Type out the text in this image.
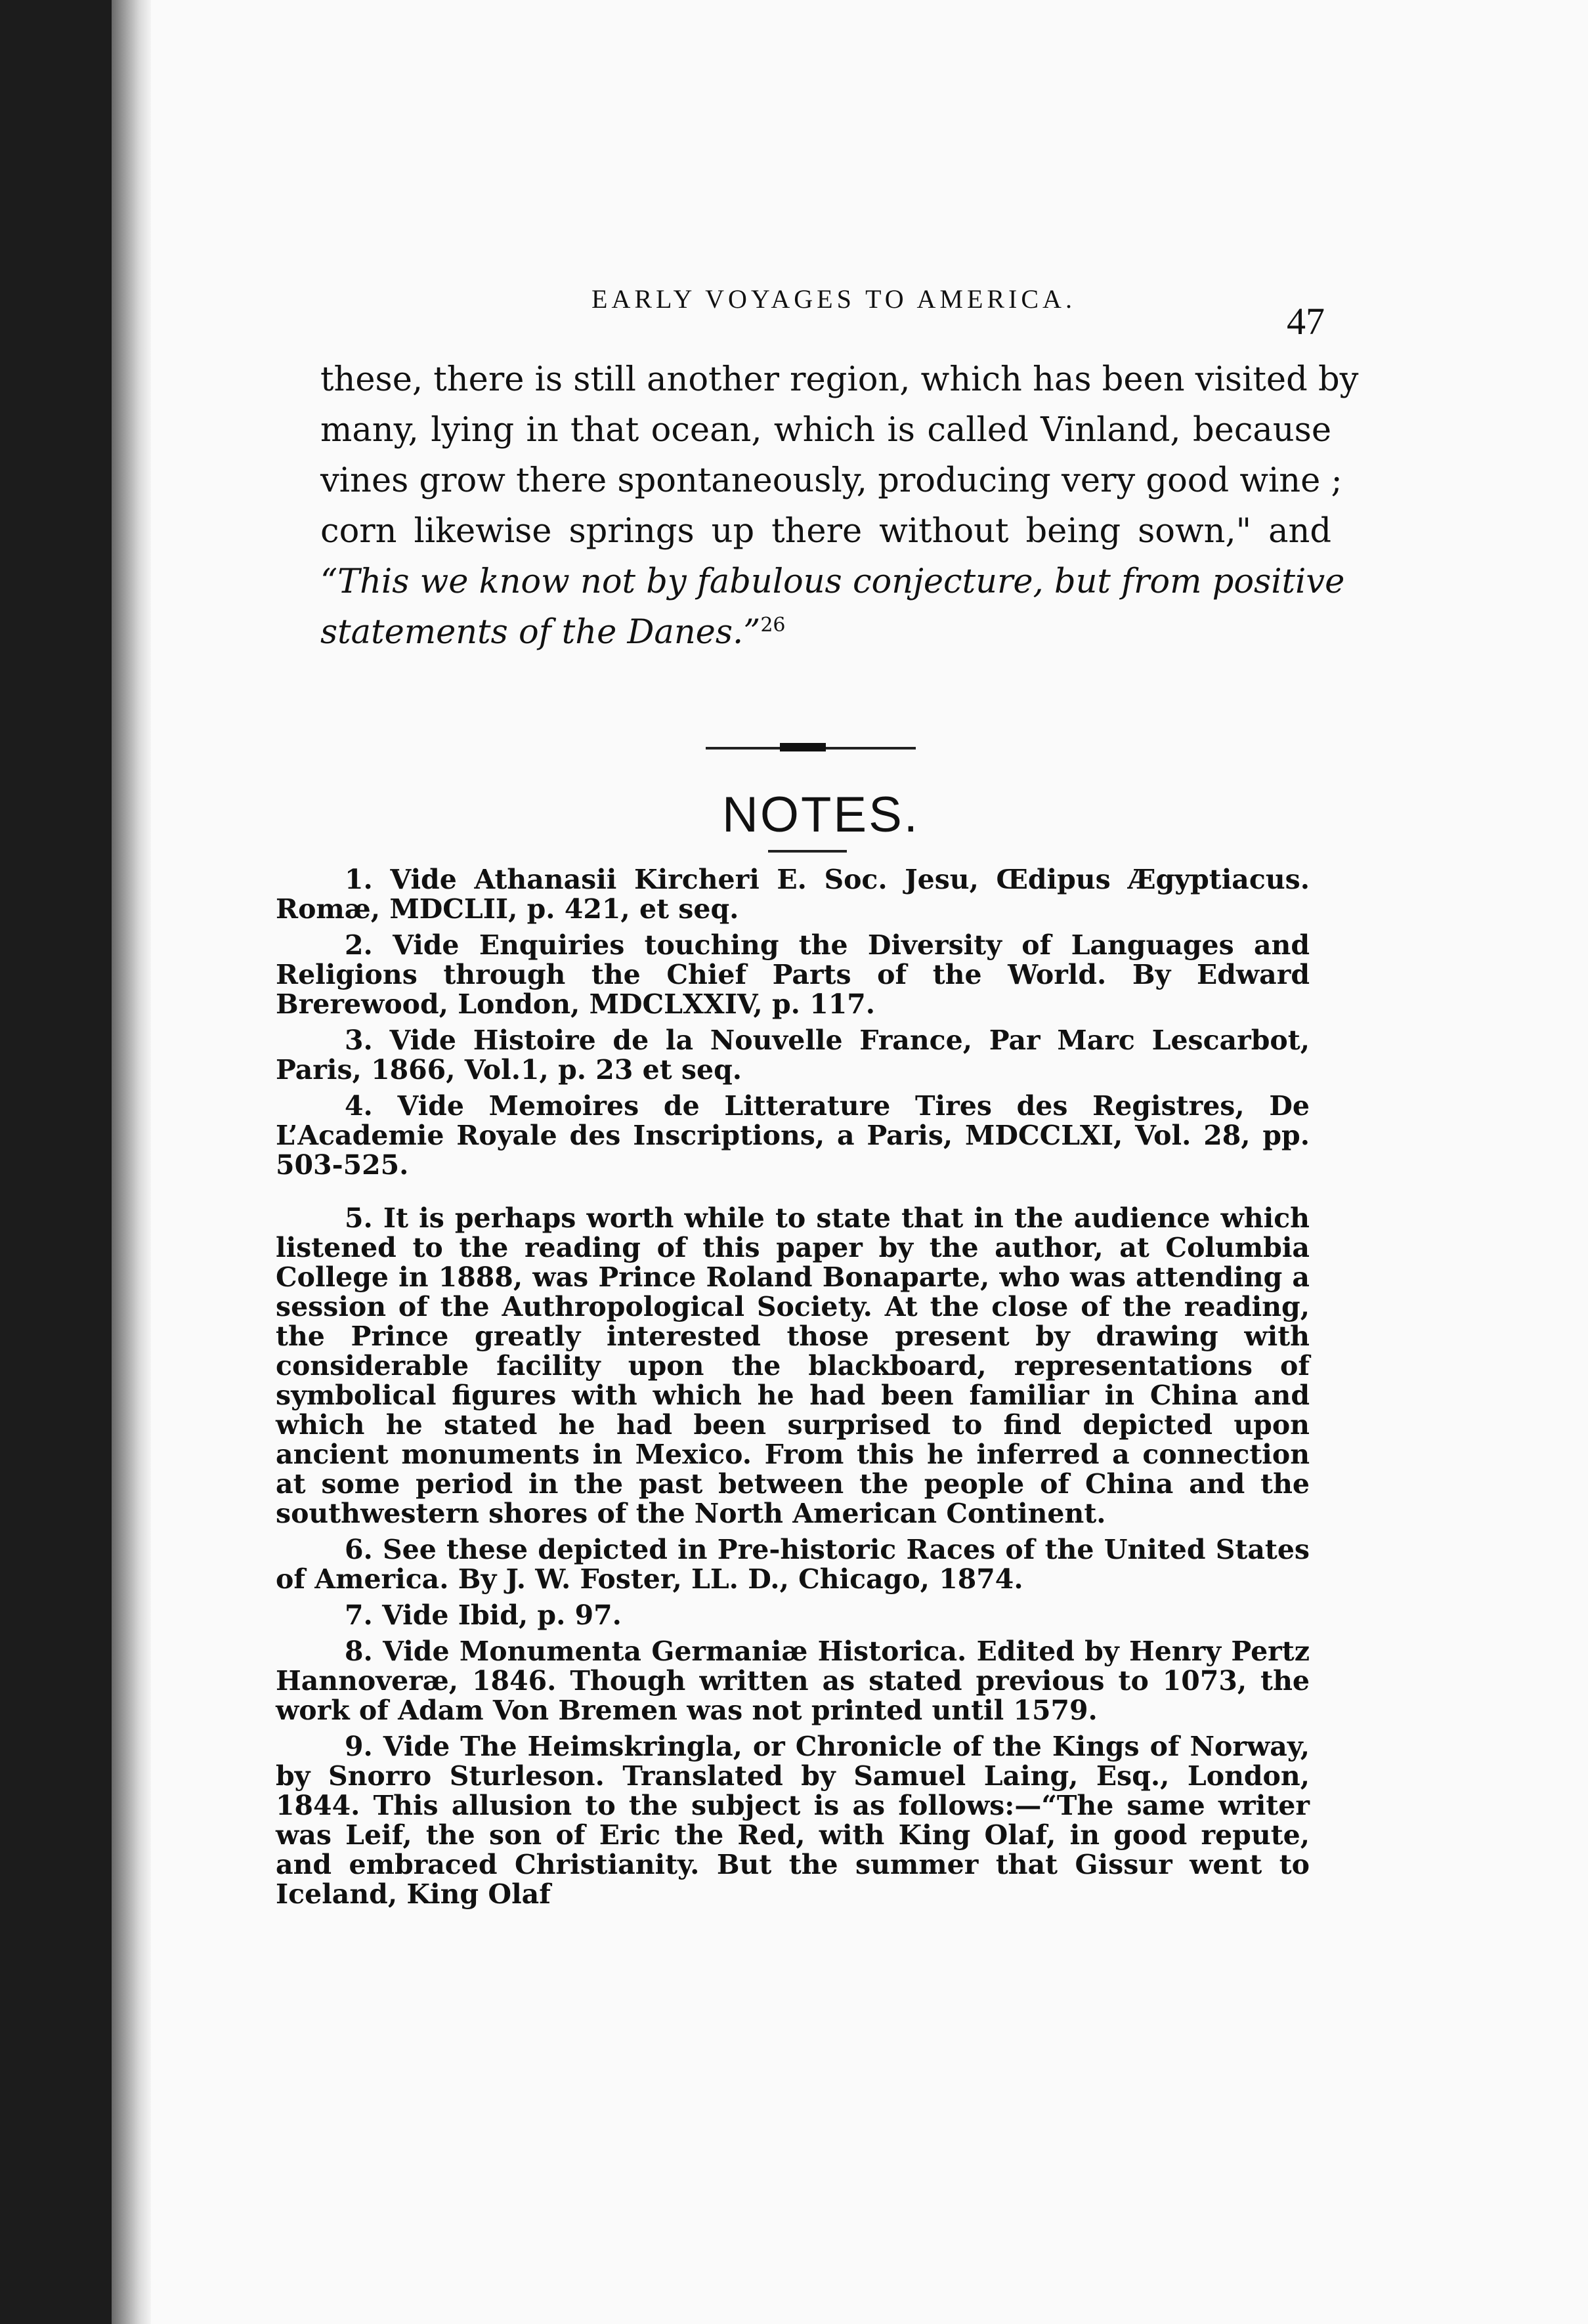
EARLY VOYAGES TO AMERICA.
47

these, there is still another region, which has been visited by
many, lying in that ocean, which is called Vinland, because
vines grow there spontaneously, producing very good wine ;
corn likewise springs up there without being sown," and
“This we know not by fabulous conjecture, but from positive
statements of the Danes.”$^{26}$

NOTES.

1. Vide Athanasii Kircheri E. Soc. Jesu, Œdipus Ægyptiacus. Romæ, MDCLII, p. 421, et seq.

2. Vide Enquiries touching the Diversity of Languages and Religions through the Chief Parts of the World. By Edward Brerewood, London, MDCLXXIV, p. 117.

3. Vide Histoire de la Nouvelle France, Par Marc Lescarbot, Paris, 1866, Vol.1, p. 23 et seq.

4. Vide Memoires de Litterature Tires des Registres, De L’Academie Royale des Inscriptions, a Paris, MDCCLXI, Vol. 28, pp. 503-525.

5. It is perhaps worth while to state that in the audience which listened to the reading of this paper by the author, at Columbia College in 1888, was Prince Roland Bonaparte, who was attending a session of the Authropological Society. At the close of the reading, the Prince greatly interested those present by drawing with considerable facility upon the blackboard, representations of symbolical figures with which he had been familiar in China and which he stated he had been surprised to find depicted upon ancient monuments in Mexico. From this he inferred a connection at some period in the past between the people of China and the southwestern shores of the North American Continent.

6. See these depicted in Pre-historic Races of the United States of America. By J. W. Foster, LL. D., Chicago, 1874.

7. Vide Ibid, p. 97.

8. Vide Monumenta Germaniæ Historica. Edited by Henry Pertz Hannoveræ, 1846. Though written as stated previous to 1073, the work of Adam Von Bremen was not printed until 1579.

9. Vide The Heimskringla, or Chronicle of the Kings of Norway, by Snorro Sturleson. Translated by Samuel Laing, Esq., London, 1844. This allusion to the subject is as follows:—“The same writer was Leif, the son of Eric the Red, with King Olaf, in good repute, and embraced Christianity. But the summer that Gissur went to Iceland, King Olaf
